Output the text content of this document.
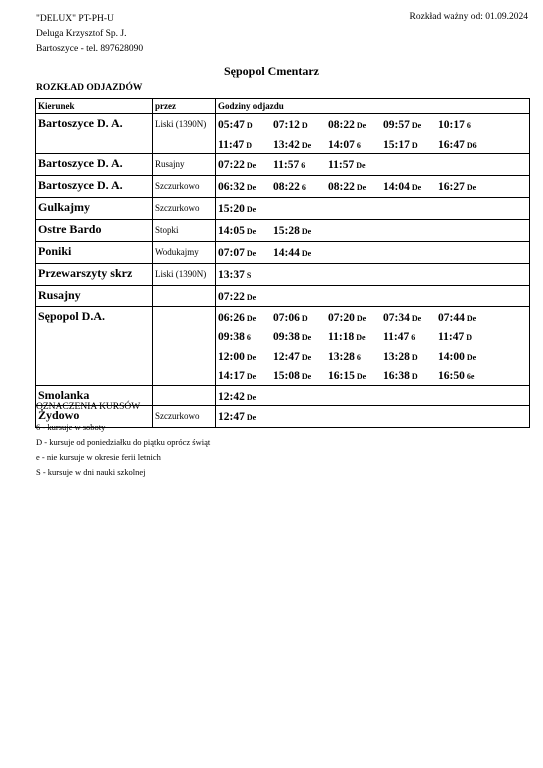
"DELUX" PT-PH-U
Deluga Krzysztof Sp. J.
Bartoszyce - tel. 897628090
Rozkład ważny od: 01.09.2024
Sępopol Cmentarz
ROZKŁAD ODJAZDÓW
Kierunek	przez	Godziny odjazdu
Bartoszyce D. A.	Liski (1390N)	05:47 D 07:12 D 08:22 De 09:57 De 10:17 6
11:47 D 13:42 De 14:07 6 15:17 D 16:47 D6

Bartoszyce D. A.	Rusajny	07:22 De 11:57 6 11:57 De

Bartoszyce D. A.	Szczurkowo	06:32 De 08:22 6 08:22 De 14:04 De 16:27 De

Gulkajmy	Szczurkowo	15:20 De

Ostre Bardo	Stopki	14:05 De 15:28 De

Poniki	Wodukajmy	07:07 De 14:44 De

Przewarszyty skrz	Liski (1390N)	13:37 S

Rusajny		07:22 De

Sępopol D.A.		06:26 De 07:06 D 07:20 De 07:34 De 07:44 De
09:38 6 09:38 De 11:18 De 11:47 6 11:47 D
12:00 De 12:47 De 13:28 6 13:28 D 14:00 De
14:17 De 15:08 De 16:15 De 16:38 D 16:50 6e

Smolanka		12:42 De

Żydowo	Szczurkowo	12:47 De
OZNACZENIA KURSÓW
6 - kursuje w soboty
D - kursuje od poniedziałku do piątku oprócz świąt
e - nie kursuje w okresie ferii letnich
S - kursuje w dni nauki szkolnej
